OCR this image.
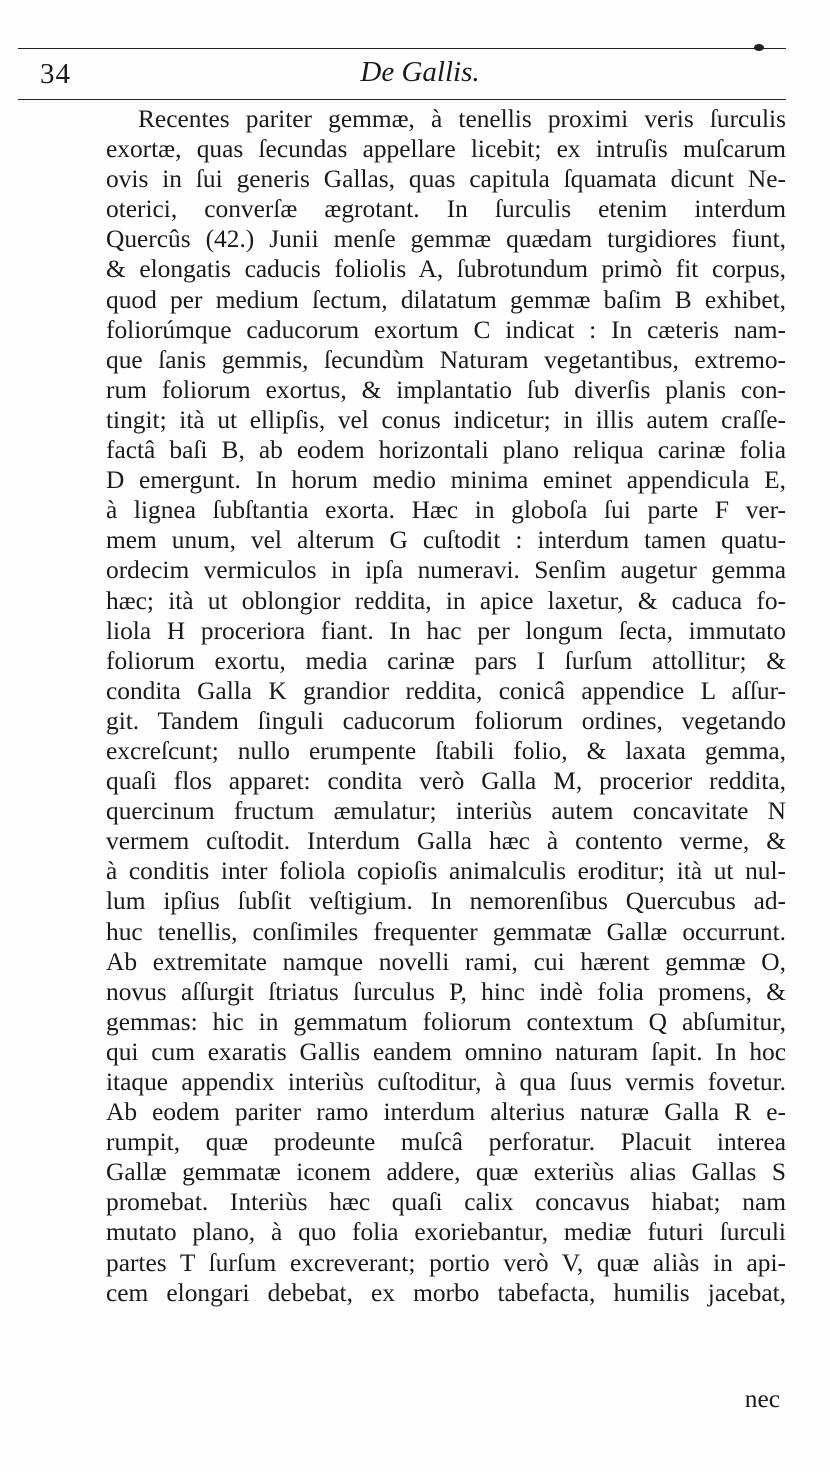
34	De Gallis.
Recentes pariter gemmæ, à tenellis proximi veris ſurculis
exortæ, quas ſecundas appellare licebit; ex intruſis muſcarum
ovis in ſui generis Gallas, quas capitula ſquamata dicunt Ne-
oterici, converſæ ægrotant. In ſurculis etenim interdum
Quercûs (42.) Junii menſe gemmæ quædam turgidiores fiunt,
& elongatis caducis foliolis A, ſubrotundum primò fit corpus,
quod per medium ſectum, dilatatum gemmæ baſim B exhibet,
foliorúmque caducorum exortum C indicat : In cæteris nam-
que ſanis gemmis, ſecundùm Naturam vegetantibus, extremo-
rum foliorum exortus, & implantatio ſub diverſis planis con-
tingit; ità ut ellipſis, vel conus indicetur; in illis autem craſſe-
factâ baſi B, ab eodem horizontali plano reliqua carinæ folia
D emergunt. In horum medio minima eminet appendicula E,
à lignea ſubſtantia exorta. Hæc in globoſa ſui parte F ver-
mem unum, vel alterum G cuſtodit : interdum tamen quatu-
ordecim vermiculos in ipſa numeravi. Senſim augetur gemma
hæc; ità ut oblongior reddita, in apice laxetur, & caduca fo-
liola H proceriora fiant. In hac per longum ſecta, immutato
foliorum exortu, media carinæ pars I ſurſum attollitur; &
condita Galla K grandior reddita, conicâ appendice L aſſur-
git. Tandem ſinguli caducorum foliorum ordines, vegetando
excreſcunt; nullo erumpente ſtabili folio, & laxata gemma,
quaſi flos apparet: condita verò Galla M, procerior reddita,
quercinum fructum æmulatur; interiùs autem concavitate N
vermem cuſtodit. Interdum Galla hæc à contento verme, &
à conditis inter foliola copioſis animalculis eroditur; ità ut nul-
lum ipſius ſubſit veſtigium. In nemorenſibus Quercubus ad-
huc tenellis, conſimiles frequenter gemmatæ Gallæ occurrunt.
Ab extremitate namque novelli rami, cui hærent gemmæ O,
novus aſſurgit ſtriatus ſurculus P, hinc indè folia promens, &
gemmas: hic in gemmatum foliorum contextum Q abſumitur,
qui cum exaratis Gallis eandem omnino naturam ſapit. In hoc
itaque appendix interiùs cuſtoditur, à qua ſuus vermis fovetur.
Ab eodem pariter ramo interdum alterius naturæ Galla R e-
rumpit, quæ prodeunte muſcâ perforatur. Placuit interea
Gallæ gemmatæ iconem addere, quæ exteriùs alias Gallas S
promebat. Interiùs hæc quaſi calix concavus hiabat; nam
mutato plano, à quo folia exoriebantur, mediæ futuri ſurculi
partes T ſurſum excreverant; portio verò V, quæ aliàs in api-
cem elongari debebat, ex morbo tabefacta, humilis jacebat,
nec
